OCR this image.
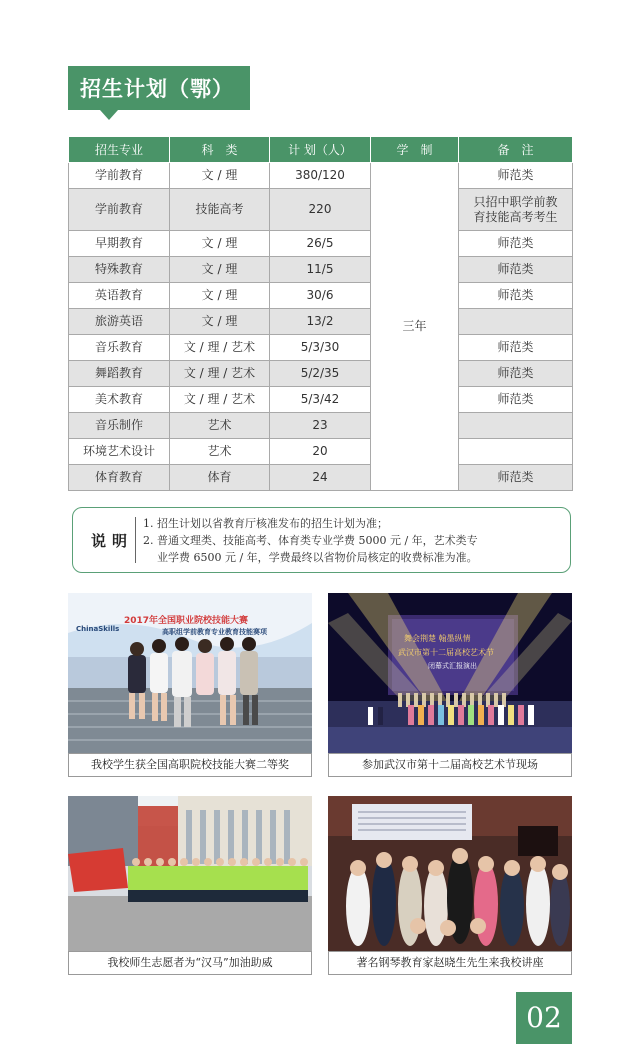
招生计划（鄂）
招生专业	科　类	计 划（人）	学　制	备　注
学前教育	文 / 理	380/120	三年	师范类
学前教育	技能高考	220		只招中职学前教育技能高考考生
早期教育	文 / 理	26/5		师范类
特殊教育	文 / 理	11/5		师范类
英语教育	文 / 理	30/6		师范类
旅游英语	文 / 理	13/2		
音乐教育	文 / 理 / 艺术	5/3/30		师范类
舞蹈教育	文 / 理 / 艺术	5/2/35		师范类
美术教育	文 / 理 / 艺术	5/3/42		师范类
音乐制作	艺术	23		
环境艺术设计	艺术	20		
体育教育	体育	24		师范类
说明
1. 招生计划以省教育厅核准发布的招生计划为准；
2. 普通文理类、技能高考、体育类专业学费 5000 元 / 年，艺术类专
业学费 6500 元 / 年，学费最终以省物价局核定的收费标准为准。
2017年全国职业院校技能大赛
高职组学前教育专业教育技能赛项
ChinaSkills
我校学生获全国高职院校技能大赛二等奖
舞会荆楚 翰墨纵情
武汉市第十二届高校艺术节
闭幕式汇报演出
参加武汉市第十二届高校艺术节现场
我校师生志愿者为“汉马”加油助威	著名钢琴教育家赵晓生先生来我校讲座
02
